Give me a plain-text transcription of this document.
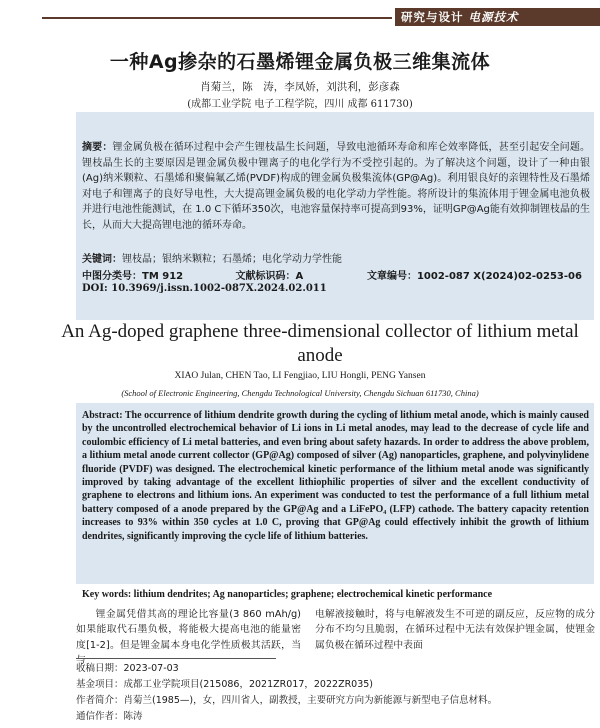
研究与设计 电源技术
一种Ag掺杂的石墨烯锂金属负极三维集流体
肖菊兰，陈　涛，李凤娇，刘洪利，彭彦森
(成都工业学院 电子工程学院，四川 成都 611730)
摘要：锂金属负极在循环过程中会产生锂枝晶生长问题，导致电池循环寿命和库仑效率降低，甚至引起安全问题。锂枝晶生长的主要原因是锂金属负极中锂离子的电化学行为不受控引起的。为了解决这个问题，设计了一种由银(Ag)纳米颗粒、石墨烯和聚偏氟乙烯(PVDF)构成的锂金属负极集流体(GP@Ag)。利用银良好的亲锂特性及石墨烯对电子和锂离子的良好导电性，大大提高锂金属负极的电化学动力学性能。将所设计的集流体用于锂金属电池负极并进行电池性能测试，在 1.0 C下循环350次，电池容量保持率可提高到93%，证明GP@Ag能有效抑制锂枝晶的生长，从而大大提高锂电池的循环寿命。
关键词：锂枝晶；银纳米颗粒；石墨烯；电化学动力学性能
中图分类号：TM 912	文献标识码：A	文章编号：1002-087 X(2024)02-0253-06
DOI: 10.3969/j.issn.1002-087X.2024.02.011
An Ag-doped graphene three-dimensional collector of lithium metal anode
XIAO Julan, CHEN Tao, LI Fengjiao, LIU Hongli, PENG Yansen
(School of Electronic Engineering, Chengdu Technological University, Chengdu Sichuan 611730, China)
Abstract: The occurrence of lithium dendrite growth during the cycling of lithium metal anode, which is mainly caused by the uncontrolled electrochemical behavior of Li ions in Li metal anodes, may lead to the decrease of cycle life and coulombic efficiency of Li metal batteries, and even bring about safety hazards. In order to address the above problem, a lithium metal anode current collector (GP@Ag) composed of silver (Ag) nanoparticles, graphene, and polyvinylidene fluoride (PVDF) was designed. The electrochemical kinetic performance of the lithium metal anode was significantly improved by taking advantage of the excellent lithiophilic properties of silver and the excellent conductivity of graphene to electrons and lithium ions. An experiment was conducted to test the performance of a full lithium metal battery composed of a anode prepared by the GP@Ag and a LiFePO₄ (LFP) cathode. The battery capacity retention increases to 93% within 350 cycles at 1.0 C, proving that GP@Ag could effectively inhibit the growth of lithium dendrites, significantly improving the cycle life of lithium batteries.
Key words: lithium dendrites; Ag nanoparticles; graphene; electrochemical kinetic performance
锂金属凭借其高的理论比容量(3 860 mAh/g)如果能取代石墨负极，将能极大提高电池的能量密度[1-2]。但是锂金属本身电化学性质极其活跃，当与
电解液接触时，将与电解液发生不可逆的副反应，反应物的成分分布不均匀且脆弱，在循环过程中无法有效保护锂金属，使锂金属负极在循环过程中表面
收稿日期：2023-07-03
基金项目：成都工业学院项目(215086，2021ZR017，2022ZR035)
作者简介：肖菊兰(1985—)，女，四川省人，副教授，主要研究方向为新能源与新型电子信息材料。
通信作者：陈涛
